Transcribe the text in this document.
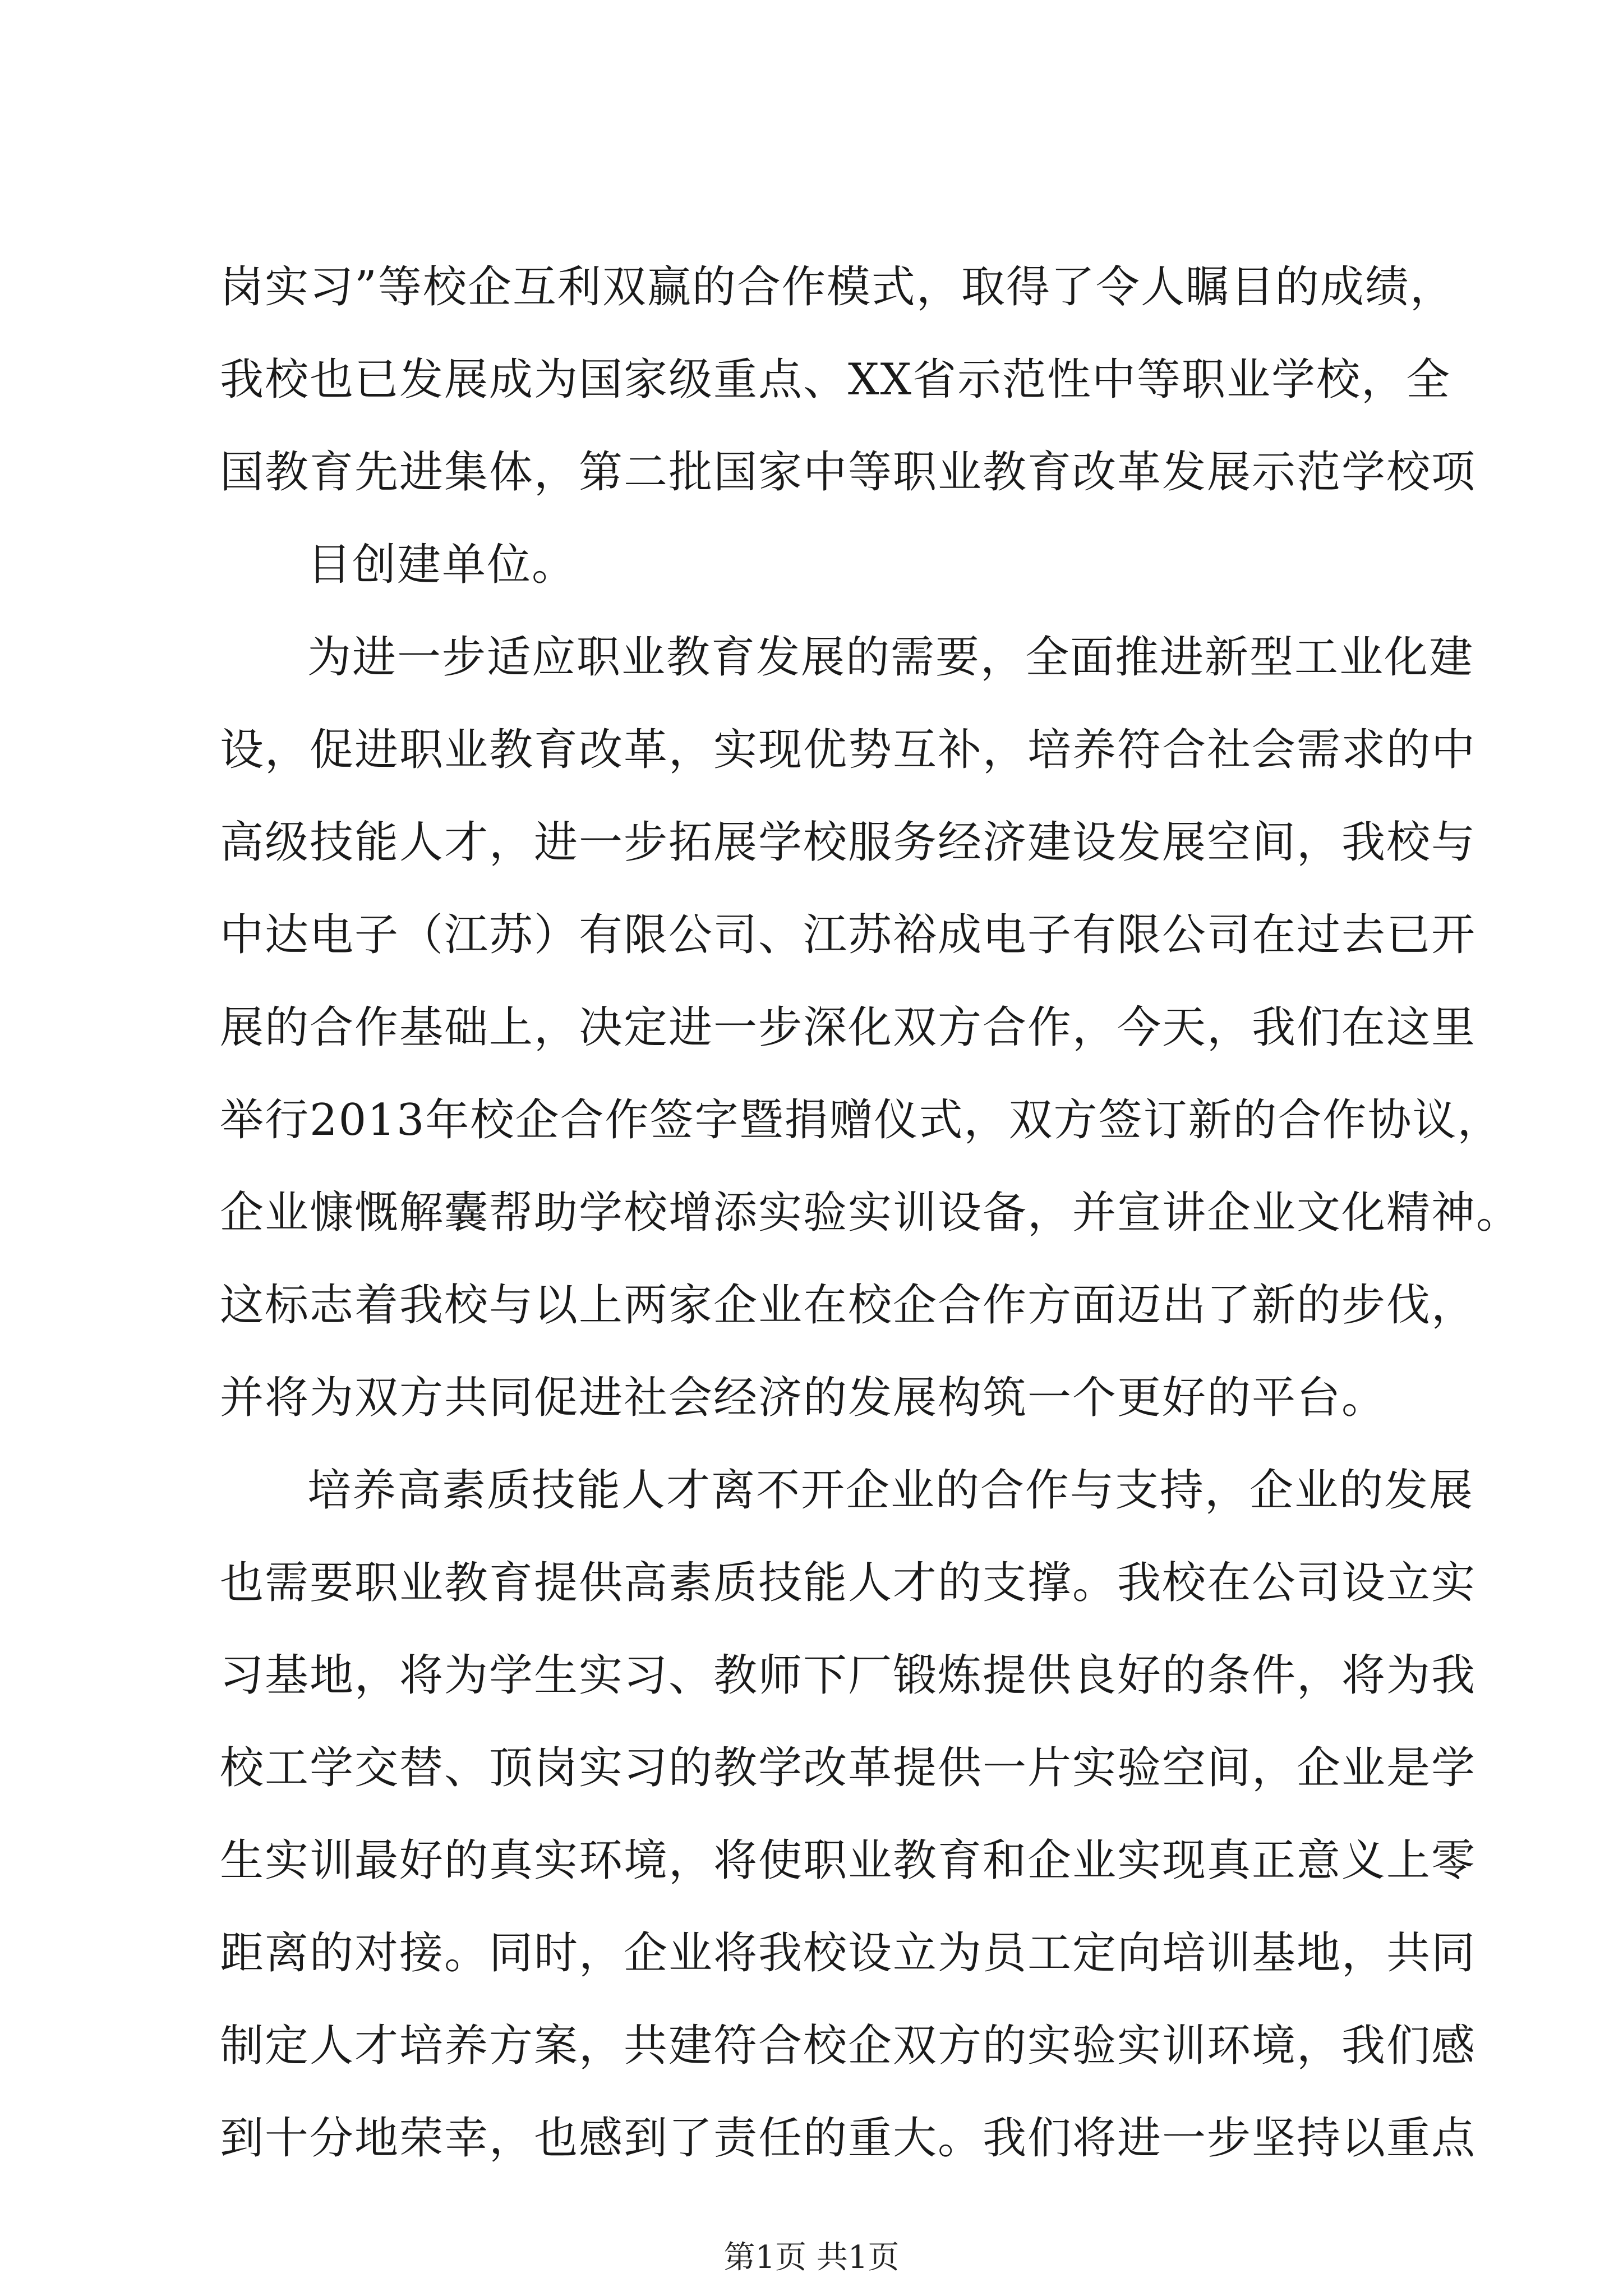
岗实习”等校企互利双赢的合作模式，取得了令人瞩目的成绩，
我校也已发展成为国家级重点、XX省示范性中等职业学校，全
国教育先进集体，第二批国家中等职业教育改革发展示范学校项
目创建单位。
为进一步适应职业教育发展的需要，全面推进新型工业化建
设，促进职业教育改革，实现优势互补，培养符合社会需求的中
高级技能人才，进一步拓展学校服务经济建设发展空间，我校与
中达电子（江苏）有限公司、江苏裕成电子有限公司在过去已开
展的合作基础上，决定进一步深化双方合作，今天，我们在这里
举行2013年校企合作签字暨捐赠仪式，双方签订新的合作协议，
企业慷慨解囊帮助学校增添实验实训设备，并宣讲企业文化精神。
这标志着我校与以上两家企业在校企合作方面迈出了新的步伐，
并将为双方共同促进社会经济的发展构筑一个更好的平台。
培养高素质技能人才离不开企业的合作与支持，企业的发展
也需要职业教育提供高素质技能人才的支撑。我校在公司设立实
习基地，将为学生实习、教师下厂锻炼提供良好的条件，将为我
校工学交替、顶岗实习的教学改革提供一片实验空间，企业是学
生实训最好的真实环境，将使职业教育和企业实现真正意义上零
距离的对接。同时，企业将我校设立为员工定向培训基地，共同
制定人才培养方案，共建符合校企双方的实验实训环境，我们感
到十分地荣幸，也感到了责任的重大。我们将进一步坚持以重点
第1页 共1页
